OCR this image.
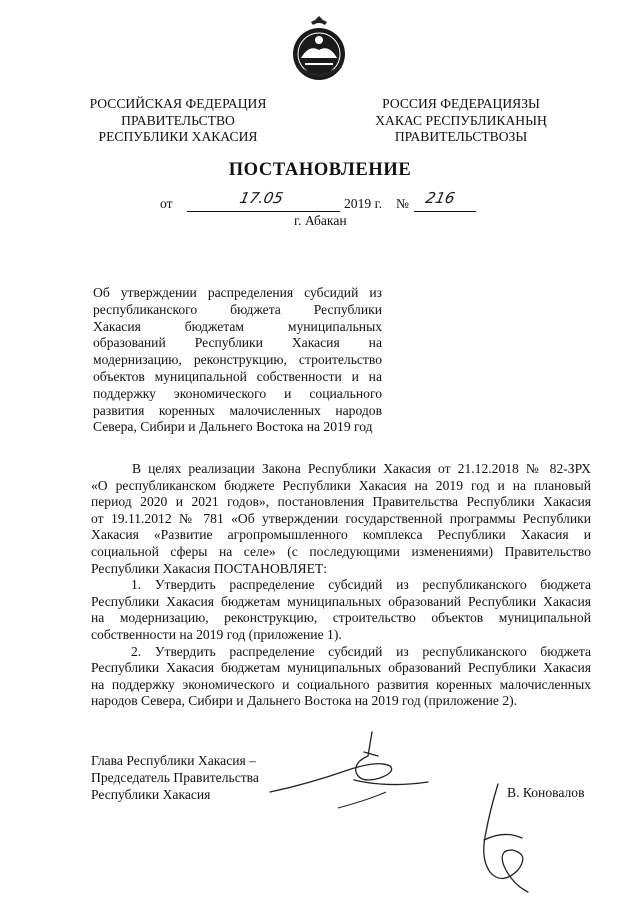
РОССИЙСКАЯ ФЕДЕРАЦИЯ
ПРАВИТЕЛЬСТВО
РЕСПУБЛИКИ ХАКАСИЯ
РОССИЯ ФЕДЕРАЦИЯЗЫ
ХАКАС РЕСПУБЛИКАНЫҢ
ПРАВИТЕЛЬСТВОЗЫ
ПОСТАНОВЛЕНИЕ
от	17.05	2019 г. № 216
г. Абакан
Об утверждении распределения субсидий из
республиканского бюджета Республики
Хакасия бюджетам муниципальных
образований Республики Хакасия на
модернизацию, реконструкцию, строительство
объектов муниципальной собственности и на
поддержку экономического и социального
развития коренных малочисленных народов
Севера, Сибири и Дальнего Востока на 2019 год
В целях реализации Закона Республики Хакасия от 21.12.2018 № 82-ЗРХ
«О республиканском бюджете Республики Хакасия на 2019 год и на плановый
период 2020 и 2021 годов», постановления Правительства Республики Хакасия
от 19.11.2012 № 781 «Об утверждении государственной программы Республики
Хакасия «Развитие агропромышленного комплекса Республики Хакасия и
социальной сферы на селе» (с последующими изменениями) Правительство
Республики Хакасия ПОСТАНОВЛЯЕТ:
1. Утвердить распределение субсидий из республиканского бюджета
Республики Хакасия бюджетам муниципальных образований Республики Хакасия
на модернизацию, реконструкцию, строительство объектов муниципальной
собственности на 2019 год (приложение 1).
2. Утвердить распределение субсидий из республиканского бюджета
Республики Хакасия бюджетам муниципальных образований Республики Хакасия
на поддержку экономического и социального развития коренных малочисленных
народов Севера, Сибири и Дальнего Востока на 2019 год (приложение 2).
Глава Республики Хакасия –
Председатель Правительства
Республики Хакасия	В. Коновалов
